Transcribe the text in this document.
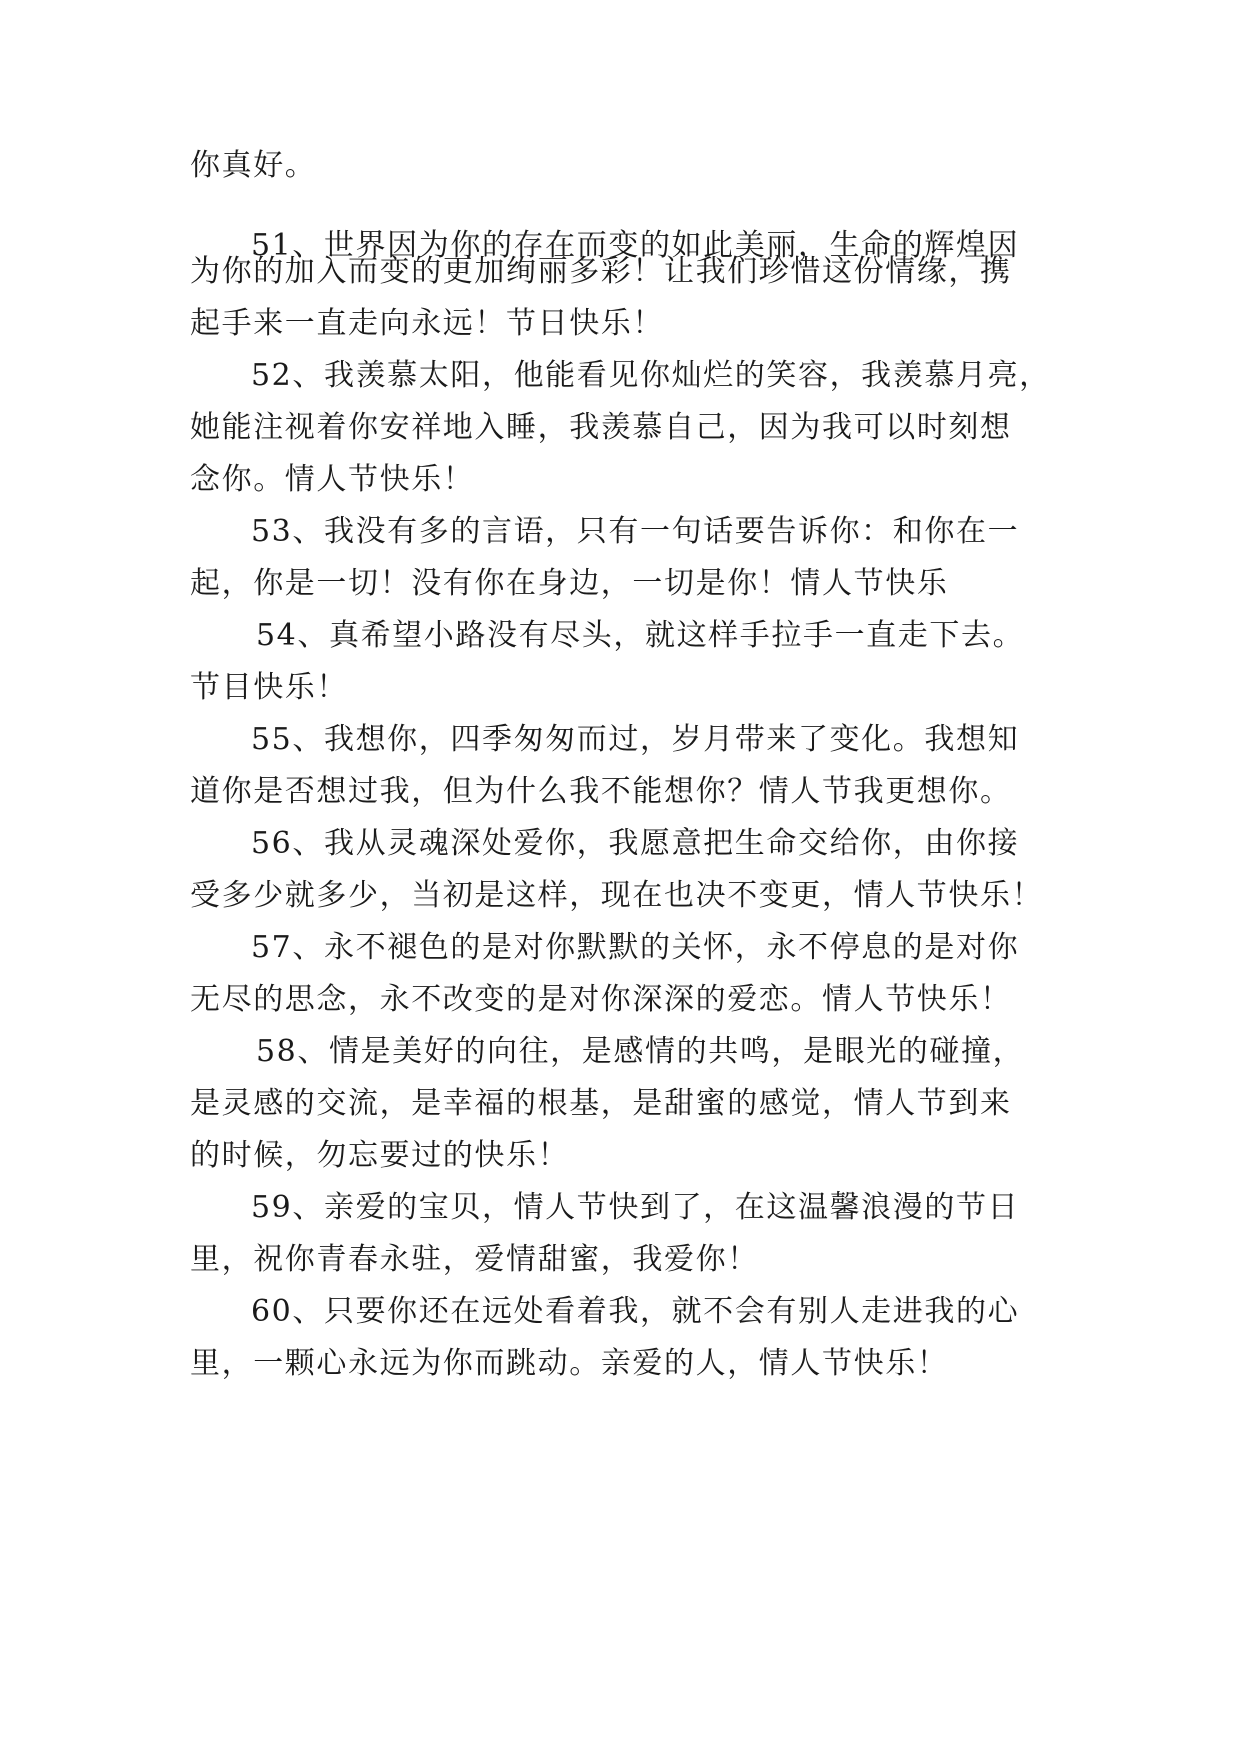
你真好。
51、世界因为你的存在而变的如此美丽，生命的辉煌因
为你的加入而变的更加绚丽多彩！让我们珍惜这份情缘，携
起手来一直走向永远！节日快乐！
52、我羡慕太阳，他能看见你灿烂的笑容，我羡慕月亮，
她能注视着你安祥地入睡，我羡慕自己，因为我可以时刻想
念你。情人节快乐！
53、我没有多的言语，只有一句话要告诉你：和你在一
起，你是一切！没有你在身边，一切是你！情人节快乐
54、真希望小路没有尽头，就这样手拉手一直走下去。
节目快乐！
55、我想你，四季匆匆而过，岁月带来了变化。我想知
道你是否想过我，但为什么我不能想你？情人节我更想你。
56、我从灵魂深处爱你，我愿意把生命交给你，由你接
受多少就多少，当初是这样，现在也决不变更，情人节快乐！
57、永不褪色的是对你默默的关怀，永不停息的是对你
无尽的思念，永不改变的是对你深深的爱恋。情人节快乐！
58、情是美好的向往，是感情的共鸣，是眼光的碰撞，
是灵感的交流，是幸福的根基，是甜蜜的感觉，情人节到来
的时候，勿忘要过的快乐！
59、亲爱的宝贝，情人节快到了，在这温馨浪漫的节日
里，祝你青春永驻，爱情甜蜜，我爱你！
60、只要你还在远处看着我，就不会有别人走进我的心
里，一颗心永远为你而跳动。亲爱的人，情人节快乐！
